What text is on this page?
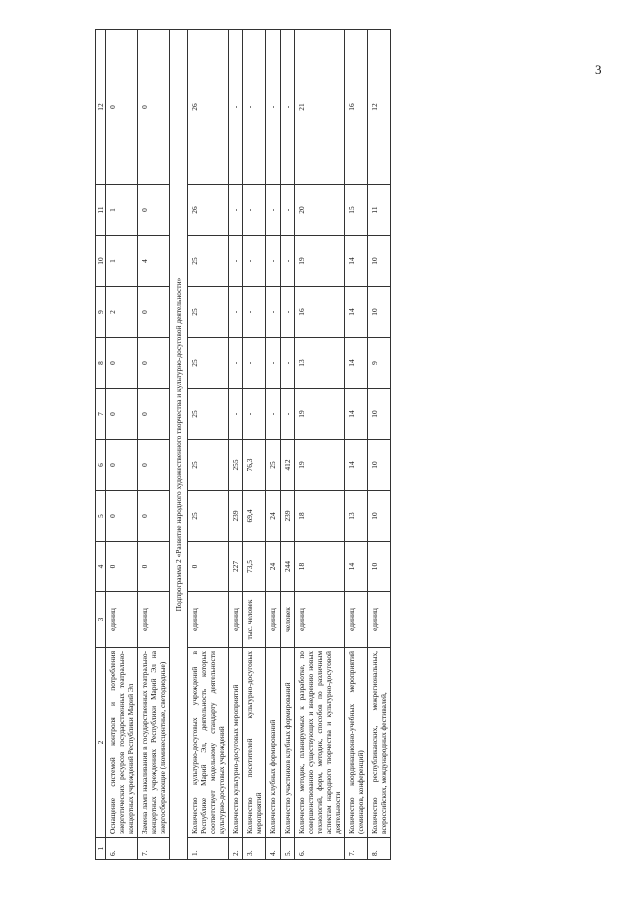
3
1	2	3	4	5	6	7	8	9	10	11	12
6.	Оснащение системой контроля и потребления энергетических ресурсов государственных театрально-концертных учреждений Республики Марий Эл	единиц	0	0	0	0	0	2	1	1	0
7.	Замена ламп накаливания в государственных театрально-концертных учреждениях Республики Марий Эл на энергосберегающие (люминесцентные, светодиодные)	единиц	0	0	0	0	0	0	4	0	0
Подпрограмма 2 «Развитие народного художественного творчества и культурно-досуговой деятельности»											
1.	Количество культурно-досуговых учреждений в Республике Марий Эл, деятельность которых соответствует модельному стандарту деятельности культурно-досуговых учреждений	единиц	0	25	25	25	25	25	25	26	26
2.	Количество культурно-досуговых мероприятий	единиц	227	239	255	-	-	-	-	-	-
3.	Количество посетителей культурно-досуговых мероприятий	тыс. человек	73,5	69,4	76,3	-	-	-	-	-	-
4.	Количество клубных формирований	единиц	24	24	25	-	-	-	-	-	-
5.	Количество участников клубных формирований	человек	244	239	412	-	-	-	-	-	-
6.	Количество методик, планируемых к разработке, по совершенствованию существующих и внедрению новых технологий, форм, методик, способов по различным аспектам народного творчества и культурно-досуговой деятельности	единиц	18	18	19	19	13	16	19	20	21
7.	Количество координационно-учебных мероприятий (семинаров, конференций)	единиц	14	13	14	14	14	14	14	15	16
8.	Количество республиканских, межрегиональных, всероссийских, международных фестивалей,	единиц	10	10	10	10	9	10	10	11	12
